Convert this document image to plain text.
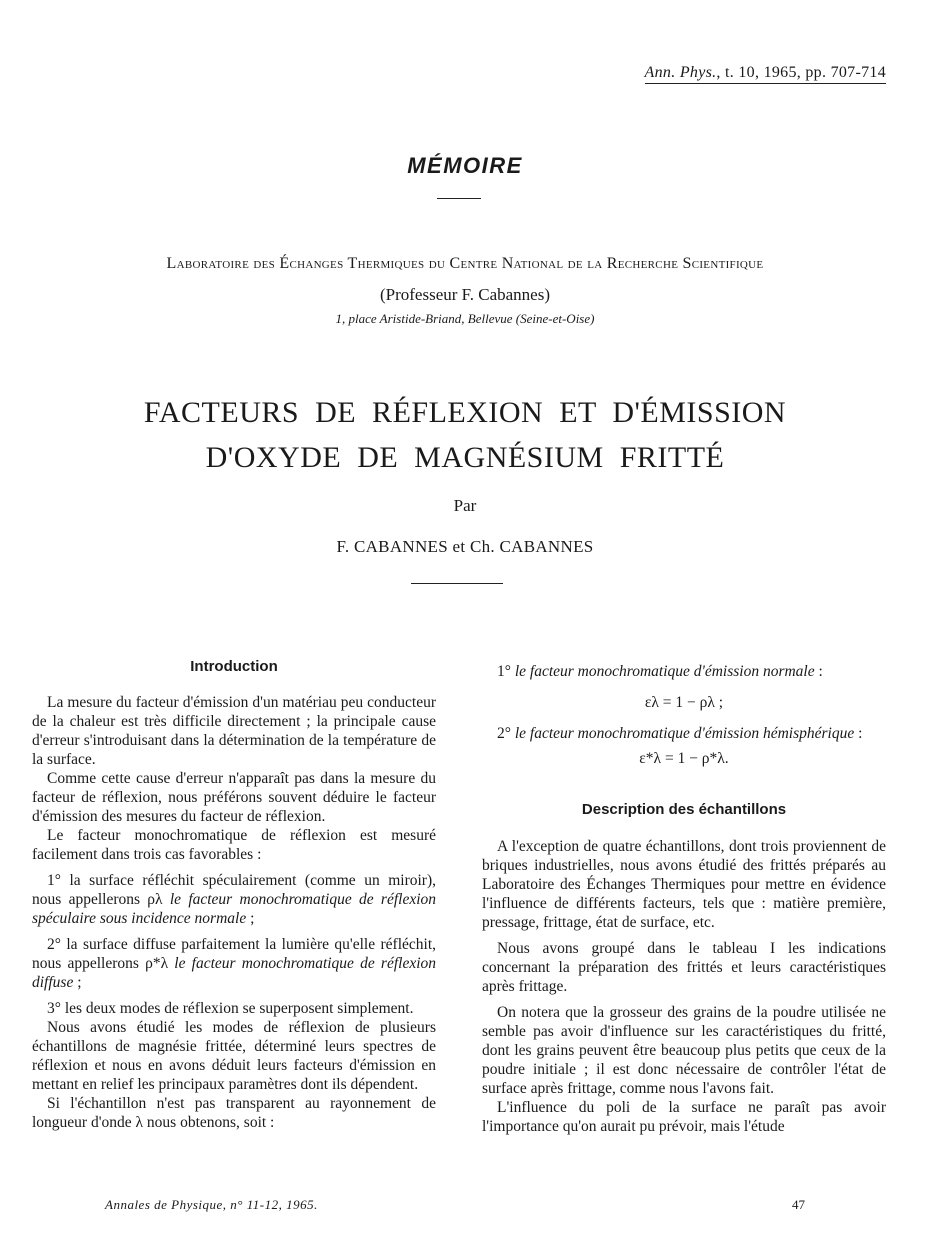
Ann. Phys., t. 10, 1965, pp. 707-714
MÉMOIRE
Laboratoire des Échanges Thermiques du Centre National de la Recherche Scientifique
(Professeur F. Cabannes)
1, place Aristide-Briand, Bellevue (Seine-et-Oise)
FACTEURS DE RÉFLEXION ET D'ÉMISSION
D'OXYDE DE MAGNÉSIUM FRITTÉ
Par
F. CABANNES et Ch. CABANNES

Introduction

La mesure du facteur d'émission d'un matériau peu conducteur de la chaleur est très difficile directement ; la principale cause d'erreur s'introduisant dans la détermination de la température de la surface.

Comme cette cause d'erreur n'apparaît pas dans la mesure du facteur de réflexion, nous préférons souvent déduire le facteur d'émission des mesures du facteur de réflexion.

Le facteur monochromatique de réflexion est mesuré facilement dans trois cas favorables :

1° la surface réfléchit spéculairement (comme un miroir), nous appellerons ρλ le facteur monochromatique de réflexion spéculaire sous incidence normale ;

2° la surface diffuse parfaitement la lumière qu'elle réfléchit, nous appellerons ρ*λ le facteur monochromatique de réflexion diffuse ;

3° les deux modes de réflexion se superposent simplement.

Nous avons étudié les modes de réflexion de plusieurs échantillons de magnésie frittée, déterminé leurs spectres de réflexion et nous en avons déduit leurs facteurs d'émission en mettant en relief les principaux paramètres dont ils dépendent.

Si l'échantillon n'est pas transparent au rayonnement de longueur d'onde λ nous obtenons, soit :

1° le facteur monochromatique d'émission normale :

ελ = 1 − ρλ ;

2° le facteur monochromatique d'émission hémisphérique :

ε*λ = 1 − ρ*λ.

Description des échantillons

A l'exception de quatre échantillons, dont trois proviennent de briques industrielles, nous avons étudié des frittés préparés au Laboratoire des Échanges Thermiques pour mettre en évidence l'influence de différents facteurs, tels que : matière première, pressage, frittage, état de surface, etc.

Nous avons groupé dans le tableau I les indications concernant la préparation des frittés et leurs caractéristiques après frittage.

On notera que la grosseur des grains de la poudre utilisée ne semble pas avoir d'influence sur les caractéristiques du fritté, dont les grains peuvent être beaucoup plus petits que ceux de la poudre initiale ; il est donc nécessaire de contrôler l'état de surface après frittage, comme nous l'avons fait.

L'influence du poli de la surface ne paraît pas avoir l'importance qu'on aurait pu prévoir, mais l'étude

Annales de Physique, n° 11-12, 1965.	47
